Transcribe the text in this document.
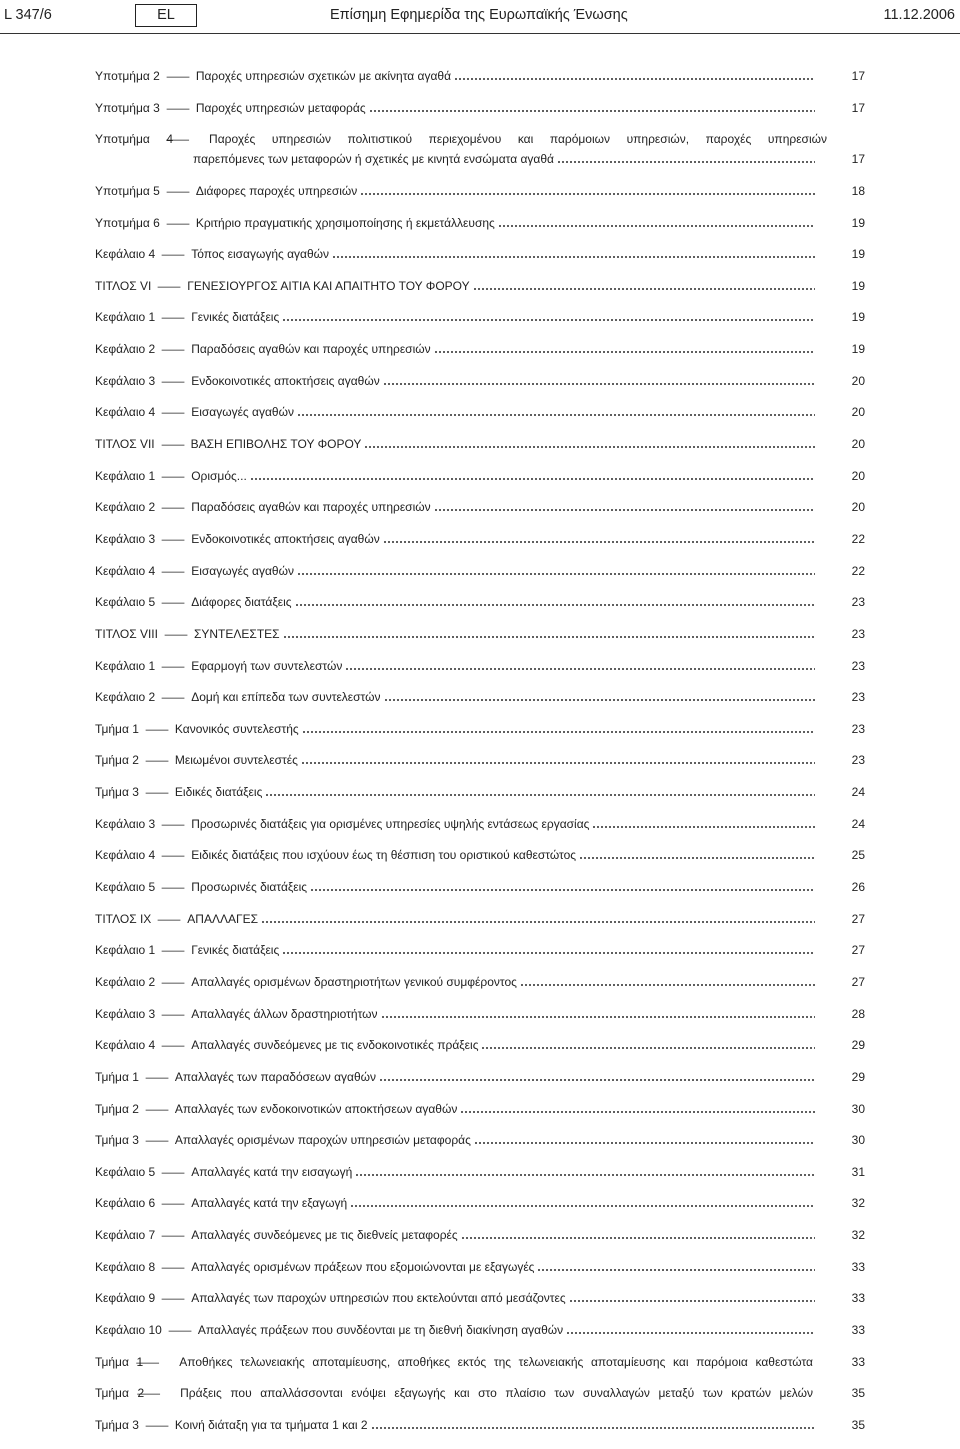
L 347/6	EL	Επίσημη Εφημερίδα της Ευρωπαϊκής Ένωσης	11.12.2006
Υποτμήμα 2 — Παροχές υπηρεσιών σχετικών με ακίνητα αγαθά	17
Υποτμήμα 3 — Παροχές υπηρεσιών μεταφοράς	17
Υποτμήμα 4— Παροχές υπηρεσιών πολιτιστικού περιεχομένου και παρόμοιων υπηρεσιών, παροχές υπηρεσιών
παρεπόμενες των μεταφορών ή σχετικές με κινητά ενσώματα αγαθά	17
Υποτμήμα 5 — Διάφορες παροχές υπηρεσιών	18
Υποτμήμα 6 — Κριτήριο πραγματικής χρησιμοποίησης ή εκμετάλλευσης	19
Κεφάλαιο 4 — Τόπος εισαγωγής αγαθών	19
ΤΙΤΛΟΣ VI — ΓΕΝΕΣΙΟΥΡΓΟΣ ΑΙΤΙΑ ΚΑΙ ΑΠΑΙΤΗΤΟ ΤΟΥ ΦΟΡΟΥ	19
Κεφάλαιο 1 — Γενικές διατάξεις	19
Κεφάλαιο 2 — Παραδόσεις αγαθών και παροχές υπηρεσιών	19
Κεφάλαιο 3 — Ενδοκοινοτικές αποκτήσεις αγαθών	20
Κεφάλαιο 4 — Εισαγωγές αγαθών	20
ΤΙΤΛΟΣ VII — ΒΑΣΗ ΕΠΙΒΟΛΗΣ ΤΟΥ ΦΟΡΟΥ	20
Κεφάλαιο 1 — Ορισμός...	20
Κεφάλαιο 2 — Παραδόσεις αγαθών και παροχές υπηρεσιών	20
Κεφάλαιο 3 — Ενδοκοινοτικές αποκτήσεις αγαθών	22
Κεφάλαιο 4 — Εισαγωγές αγαθών	22
Κεφάλαιο 5 — Διάφορες διατάξεις	23
ΤΙΤΛΟΣ VIII — ΣΥΝΤΕΛΕΣΤΕΣ	23
Κεφάλαιο 1 — Εφαρμογή των συντελεστών	23
Κεφάλαιο 2 — Δομή και επίπεδα των συντελεστών	23
Τμήμα 1 — Κανονικός συντελεστής	23
Τμήμα 2 — Μειωμένοι συντελεστές	23
Τμήμα 3 — Ειδικές διατάξεις	24
Κεφάλαιο 3 — Προσωρινές διατάξεις για ορισμένες υπηρεσίες υψηλής εντάσεως εργασίας	24
Κεφάλαιο 4 — Ειδικές διατάξεις που ισχύουν έως τη θέσπιση του οριστικού καθεστώτος	25
Κεφάλαιο 5 — Προσωρινές διατάξεις	26
ΤΙΤΛΟΣ IX — ΑΠΑΛΛΑΓΕΣ	27
Κεφάλαιο 1 — Γενικές διατάξεις	27
Κεφάλαιο 2 — Απαλλαγές ορισμένων δραστηριοτήτων γενικού συμφέροντος	27
Κεφάλαιο 3 — Απαλλαγές άλλων δραστηριοτήτων	28
Κεφάλαιο 4 — Απαλλαγές συνδεόμενες με τις ενδοκοινοτικές πράξεις	29
Τμήμα 1 — Απαλλαγές των παραδόσεων αγαθών	29
Τμήμα 2 — Απαλλαγές των ενδοκοινοτικών αποκτήσεων αγαθών	30
Τμήμα 3 — Απαλλαγές ορισμένων παροχών υπηρεσιών μεταφοράς	30
Κεφάλαιο 5 — Απαλλαγές κατά την εισαγωγή	31
Κεφάλαιο 6 — Απαλλαγές κατά την εξαγωγή	32
Κεφάλαιο 7 — Απαλλαγές συνδεόμενες με τις διεθνείς μεταφορές	32
Κεφάλαιο 8 — Απαλλαγές ορισμένων πράξεων που εξομοιώνονται με εξαγωγές	33
Κεφάλαιο 9 — Απαλλαγές των παροχών υπηρεσιών που εκτελούνται από μεσάζοντες	33
Κεφάλαιο 10 — Απαλλαγές πράξεων που συνδέονται με τη διεθνή διακίνηση αγαθών	33
Τμήμα 1— Αποθήκες τελωνειακής αποταμίευσης, αποθήκες εκτός της τελωνειακής αποταμίευσης και παρόμοια καθεστώτα	33
Τμήμα 2— Πράξεις που απαλλάσσονται ενόψει εξαγωγής και στο πλαίσιο των συναλλαγών μεταξύ των κρατών μελών	35
Τμήμα 3 — Κοινή διάταξη για τα τμήματα 1 και 2	35
